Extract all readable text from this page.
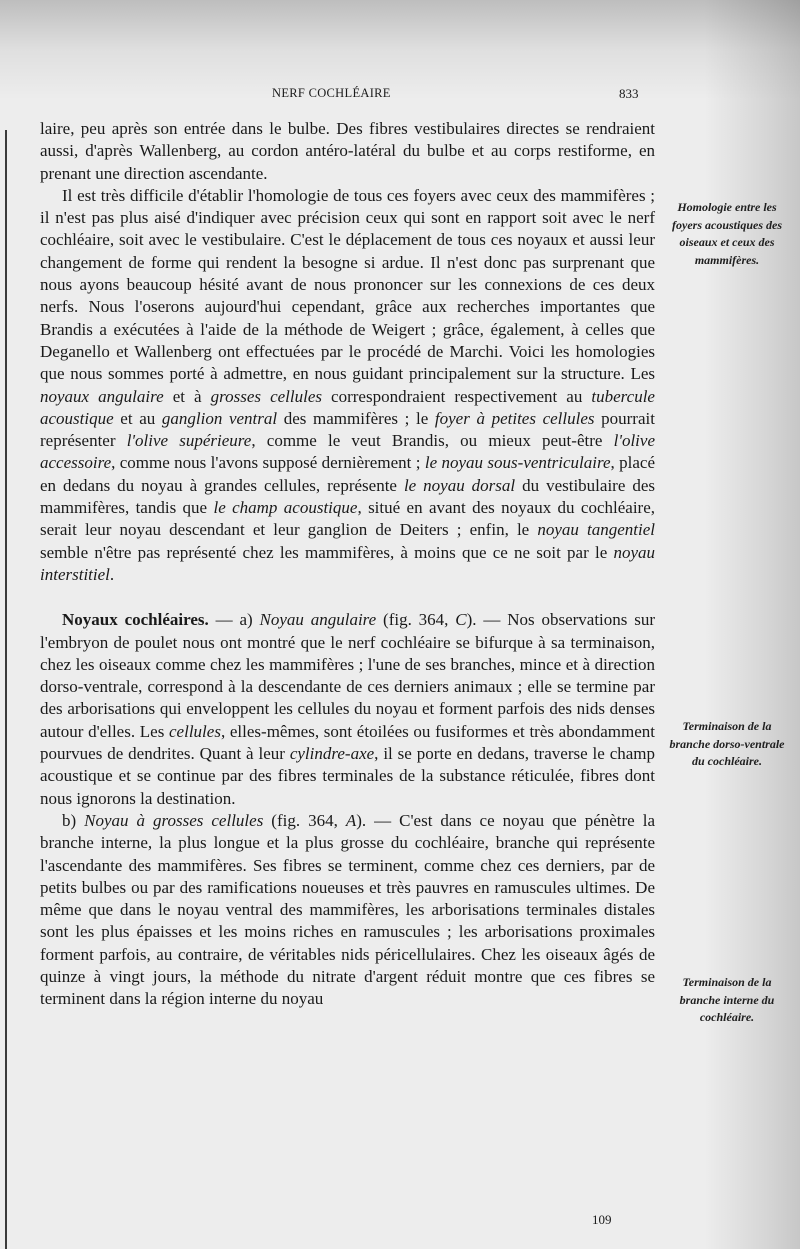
NERF COCHLÉAIRE	833

laire, peu après son entrée dans le bulbe. Des fibres vestibulaires directes se rendraient aussi, d'après Wallenberg, au cordon antéro-latéral du bulbe et au corps restiforme, en prenant une direction ascendante.

Il est très difficile d'établir l'homologie de tous ces foyers avec ceux des mammifères ; il n'est pas plus aisé d'indiquer avec précision ceux qui sont en rapport soit avec le nerf cochléaire, soit avec le vestibulaire. C'est le déplacement de tous ces noyaux et aussi leur changement de forme qui rendent la besogne si ardue. Il n'est donc pas surprenant que nous ayons beaucoup hésité avant de nous prononcer sur les connexions de ces deux nerfs. Nous l'oserons aujourd'hui cependant, grâce aux recherches importantes que Brandis a exécutées à l'aide de la méthode de Weigert ; grâce, également, à celles que Deganello et Wallenberg ont effectuées par le procédé de Marchi. Voici les homologies que nous sommes porté à admettre, en nous guidant principalement sur la structure. Les noyaux angulaire et à grosses cellules correspondraient respectivement au tubercule acoustique et au ganglion ventral des mammifères ; le foyer à petites cellules pourrait représenter l'olive supérieure, comme le veut Brandis, ou mieux peut-être l'olive accessoire, comme nous l'avons supposé dernièrement ; le noyau sous-ventriculaire, placé en dedans du noyau à grandes cellules, représente le noyau dorsal du vestibulaire des mammifères, tandis que le champ acoustique, situé en avant des noyaux du cochléaire, serait leur noyau descendant et leur ganglion de Deiters ; enfin, le noyau tangentiel semble n'être pas représenté chez les mammifères, à moins que ce ne soit par le noyau interstitiel.

Noyaux cochléaires. — a) Noyau angulaire (fig. 364, C). — Nos observations sur l'embryon de poulet nous ont montré que le nerf cochléaire se bifurque à sa terminaison, chez les oiseaux comme chez les mammifères ; l'une de ses branches, mince et à direction dorso-ventrale, correspond à la descendante de ces derniers animaux ; elle se termine par des arborisations qui enveloppent les cellules du noyau et forment parfois des nids denses autour d'elles. Les cellules, elles-mêmes, sont étoilées ou fusiformes et très abondamment pourvues de dendrites. Quant à leur cylindre-axe, il se porte en dedans, traverse le champ acoustique et se continue par des fibres terminales de la substance réticulée, fibres dont nous ignorons la destination.

b) Noyau à grosses cellules (fig. 364, A). — C'est dans ce noyau que pénètre la branche interne, la plus longue et la plus grosse du cochléaire, branche qui représente l'ascendante des mammifères. Ses fibres se terminent, comme chez ces derniers, par de petits bulbes ou par des ramifications noueuses et très pauvres en ramuscules ultimes. De même que dans le noyau ventral des mammifères, les arborisations terminales distales sont les plus épaisses et les moins riches en ramuscules ; les arborisations proximales forment parfois, au contraire, de véritables nids péricellulaires. Chez les oiseaux âgés de quinze à vingt jours, la méthode du nitrate d'argent réduit montre que ces fibres se terminent dans la région interne du noyau

Homologie entre les foyers acoustiques des oiseaux et ceux des mammifères.
Terminaison de la branche dorso-ventrale du cochléaire.
Terminaison de la branche interne du cochléaire.
109
